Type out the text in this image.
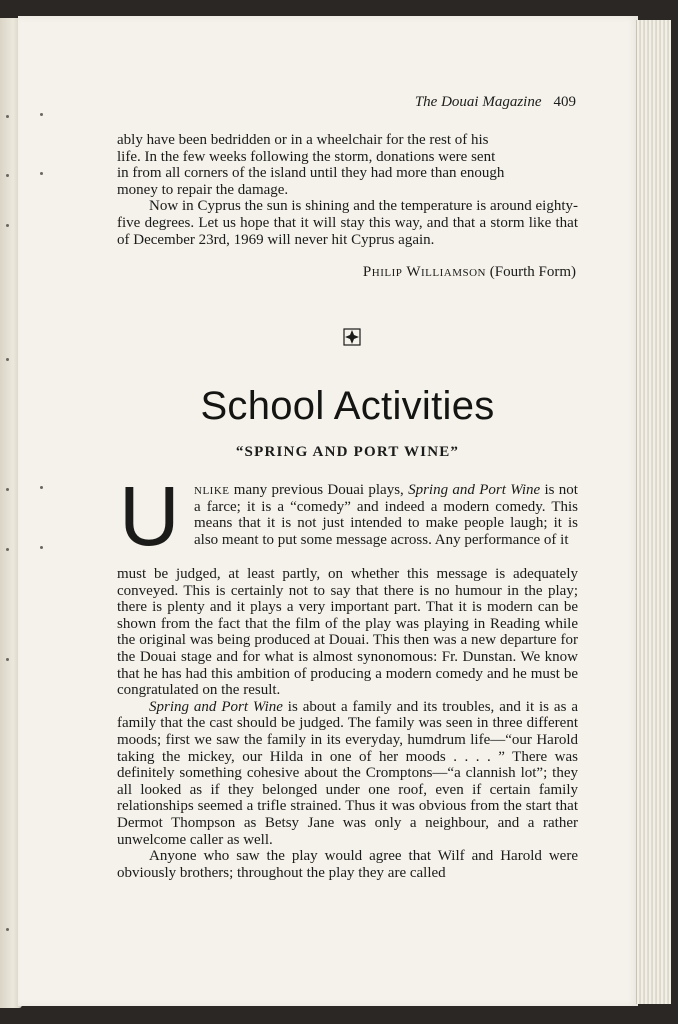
The Douai Magazine 409

ably have been bedridden or in a wheelchair for the rest of his

life. In the few weeks following the storm, donations were sent

in from all corners of the island until they had more than enough

money to repair the damage.

Now in Cyprus the sun is shining and the temperature is around eighty-five degrees. Let us hope that it will stay this way, and that a storm like that of December 23rd, 1969 will never hit Cyprus again.

Philip Williamson (Fourth Form)
School Activities
“SPRING AND PORT WINE”
U nlike many previous Douai plays, Spring and Port Wine is not a farce; it is a “comedy” and indeed a modern comedy. This means that it is not just intended to make people laugh; it is also meant to put some message across. Any performance of it

must be judged, at least partly, on whether this message is adequately conveyed. This is certainly not to say that there is no humour in the play; there is plenty and it plays a very important part. That it is modern can be shown from the fact that the film of the play was playing in Reading while the original was being produced at Douai. This then was a new departure for the Douai stage and for what is almost synonomous: Fr. Dunstan. We know that he has had this ambition of producing a modern comedy and he must be congratulated on the result.

Spring and Port Wine is about a family and its troubles, and it is as a family that the cast should be judged. The family was seen in three different moods; first we saw the family in its everyday, humdrum life—“our Harold taking the mickey, our Hilda in one of her moods . . . . ” There was definitely something cohesive about the Cromptons—“a clannish lot”; they all looked as if they belonged under one roof, even if certain family relationships seemed a trifle strained. Thus it was obvious from the start that Dermot Thompson as Betsy Jane was only a neighbour, and a rather unwelcome caller as well.

Anyone who saw the play would agree that Wilf and Harold were obviously brothers; throughout the play they are called
